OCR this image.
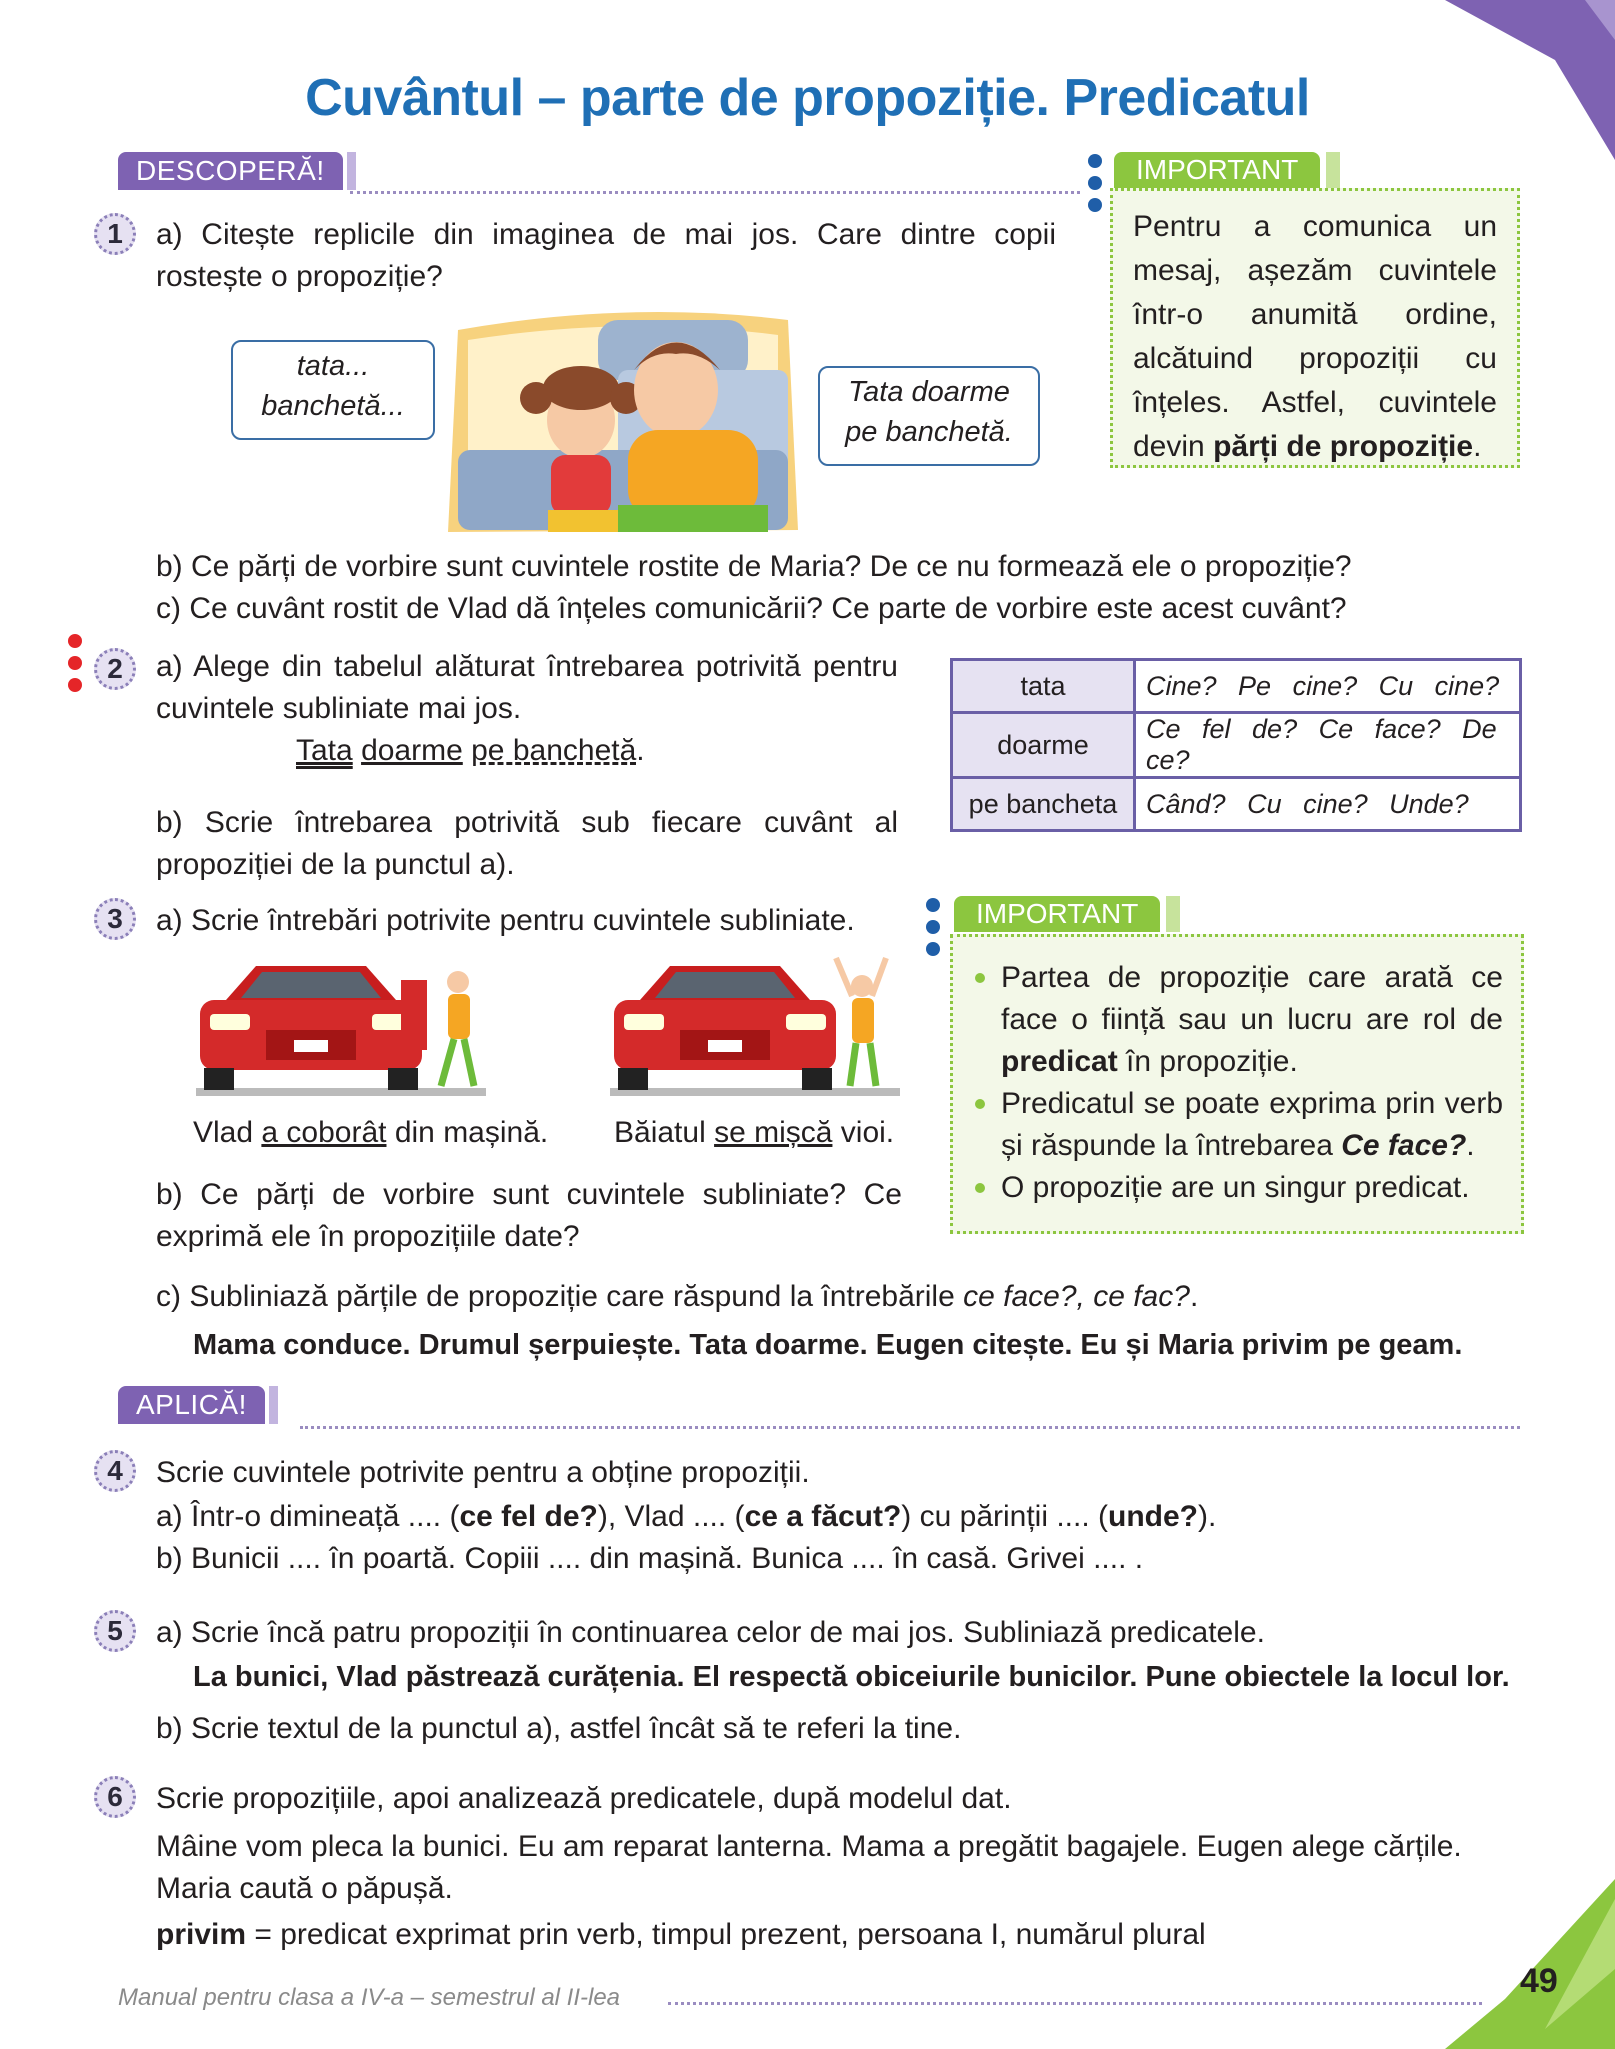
Cuvântul – parte de propoziție. Predicatul
DESCOPERĂ!	IMPORTANT
Pentru a comunica un mesaj, așezăm cuvintele într-o anumită ordine, alcătuind propoziții cu înțeles. Astfel, cuvintele devin părți de propoziție.
1	a) Citește replicile din imaginea de mai jos. Care dintre copii rostește o propoziție?
tata...
banchetă...	Tata doarme
pe banchetă.
b) Ce părți de vorbire sunt cuvintele rostite de Maria? De ce nu formează ele o propoziție?
c) Ce cuvânt rostit de Vlad dă înțeles comunicării? Ce parte de vorbire este acest cuvânt?
2	a) Alege din tabelul alăturat întrebarea potrivită pentru cuvintele subliniate mai jos.
Tata doarme pe banchetă.
b) Scrie întrebarea potrivită sub fiecare cuvânt al propoziției de la punctul a).
tata	Cine? Pe cine? Cu cine?
doarme	Ce fel de? Ce face? De ce?
pe bancheta	Când? Cu cine? Unde?
3	a) Scrie întrebări potrivite pentru cuvintele subliniate.
Vlad a coborât din mașină. Băiatul se mișcă vioi.
b) Ce părți de vorbire sunt cuvintele subliniate? Ce exprimă ele în propozițiile date?
c) Subliniază părțile de propoziție care răspund la întrebările ce face?, ce fac?.
Mama conduce. Drumul șerpuiește. Tata doarme. Eugen citește. Eu și Maria privim pe geam.
IMPORTANT
Partea de propoziție care arată ce face o ființă sau un lucru are rol de predicat în propoziție.
Predicatul se poate exprima prin verb și răspunde la întrebarea Ce face?.
O propoziție are un singur predicat.
APLICĂ!
4	Scrie cuvintele potrivite pentru a obține propoziții.
a) Într-o dimineață .... (ce fel de?), Vlad .... (ce a făcut?) cu părinții .... (unde?).
b) Bunicii .... în poartă. Copiii .... din mașină. Bunica .... în casă. Grivei .... .
5	a) Scrie încă patru propoziții în continuarea celor de mai jos. Subliniază predicatele.
La bunici, Vlad păstrează curățenia. El respectă obiceiurile bunicilor. Pune obiectele la locul lor.
b) Scrie textul de la punctul a), astfel încât să te referi la tine.
6	Scrie propozițiile, apoi analizează predicatele, după modelul dat.
Mâine vom pleca la bunici. Eu am reparat lanterna. Mama a pregătit bagajele. Eugen alege cărțile. Maria caută o păpușă.
privim = predicat exprimat prin verb, timpul prezent, persoana I, numărul plural
Manual pentru clasa a IV-a – semestrul al II-lea	49
